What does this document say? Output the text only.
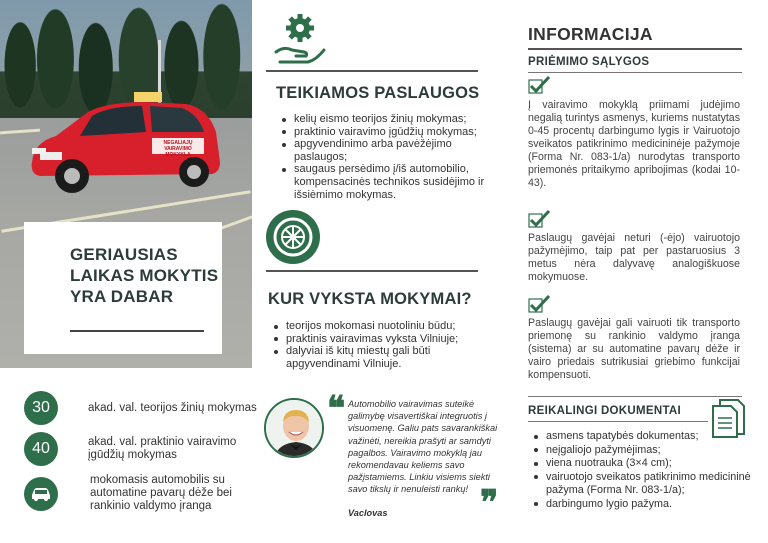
NEGALIAJŲ VAIRAVIMO MOKYKLA
GERIAUSIAS LAIKAS MOKYTIS YRA DABAR
30	akad. val. teorijos žinių mokymas
40	akad. val. praktinio vairavimo įgūdžių mokymas
mokomasis automobilis su automatine pavarų dėže bei rankinio valdymo įranga
TEIKIAMOS PASLAUGOS
kelių eismo teorijos žinių mokymas;
praktinio vairavimo įgūdžių mokymas;
apgyvendinimo arba pavėžėjimo paslaugos;
saugaus persėdimo į/iš automobilio, kompensacinės technikos susidėjimo ir išsiėmimo mokymas.
KUR VYKSTA MOKYMAI?
teorijos mokomasi nuotoliniu būdu;
praktinis vairavimas vyksta Vilniuje;
dalyviai iš kitų miestų gali būti apgyvendinami Vilniuje.
❝ Automobilio vairavimas suteikė galimybę visavertiškai integruotis į visuomenę. Galiu pats savarankiškai važinėti, nereikia prašyti ar samdyti pagalbos. Vairavimo mokyklą jau rekomendavau keliems savo pažįstamiems. Linkiu visiems siekti savo tikslų ir nenuleisti rankų!
Vaclovas	❞
INFORMACIJA
PRIĖMIMO SĄLYGOS
Į vairavimo mokyklą priimami judėjimo negalią turintys asmenys, kuriems nustatytas 0-45 procentų darbingumo lygis ir Vairuotojo sveikatos patikrinimo medicininėje pažymoje (Forma Nr. 083-1/a) nurodytas transporto priemonės pritaikymo apribojimas (kodai 10-43).
Paslaugų gavėjai neturi (-ėjo) vairuotojo pažymėjimo, taip pat per pastaruosius 3 metus nėra dalyvavę analogiškuose mokymuose.
Paslaugų gavėjai gali vairuoti tik transporto priemonę su rankinio valdymo įranga (sistema) ar su automatine pavarų dėže ir vairo priedais sutrikusiai griebimo funkcijai kompensuoti.
REIKALINGI DOKUMENTAI
asmens tapatybės dokumentas;
neįgaliojo pažymėjimas;
viena nuotrauka (3×4 cm);
vairuotojo sveikatos patikrinimo medicininė pažyma (Forma Nr. 083-1/a);
darbingumo lygio pažyma.
